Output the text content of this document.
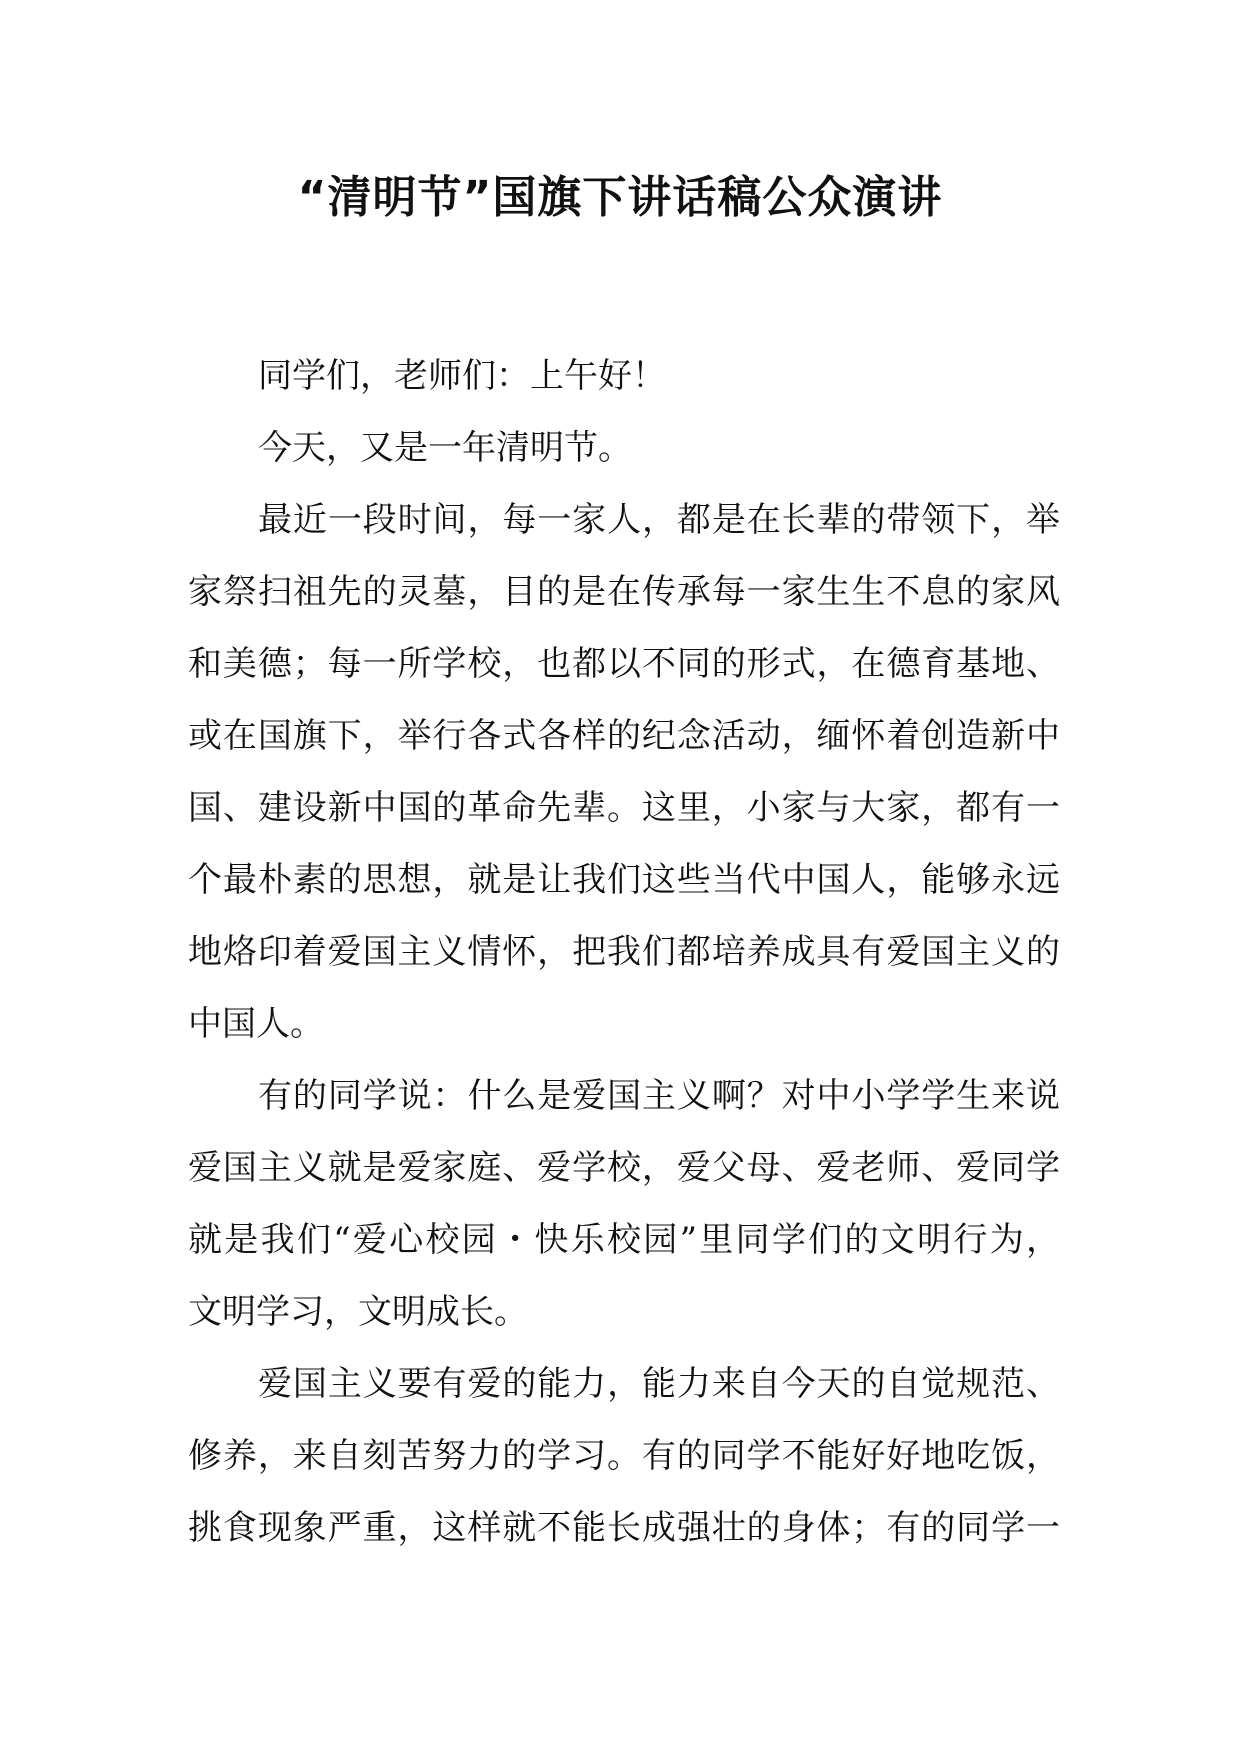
“清明节”国旗下讲话稿公众演讲
同学们，老师们：上午好！
今天，又是一年清明节。
最近一段时间，每一家人，都是在长辈的带领下，举
家祭扫祖先的灵墓，目的是在传承每一家生生不息的家风
和美德；每一所学校，也都以不同的形式，在德育基地、
或在国旗下，举行各式各样的纪念活动，缅怀着创造新中
国、建设新中国的革命先辈。这里，小家与大家，都有一
个最朴素的思想，就是让我们这些当代中国人，能够永远
地烙印着爱国主义情怀，把我们都培养成具有爱国主义的
中国人。
有的同学说：什么是爱国主义啊？对中小学学生来说
爱国主义就是爱家庭、爱学校，爱父母、爱老师、爱同学
就是我们“爱心校园・快乐校园”里同学们的文明行为，
文明学习，文明成长。
爱国主义要有爱的能力，能力来自今天的自觉规范、
修养，来自刻苦努力的学习。有的同学不能好好地吃饭，
挑食现象严重，这样就不能长成强壮的身体；有的同学一
